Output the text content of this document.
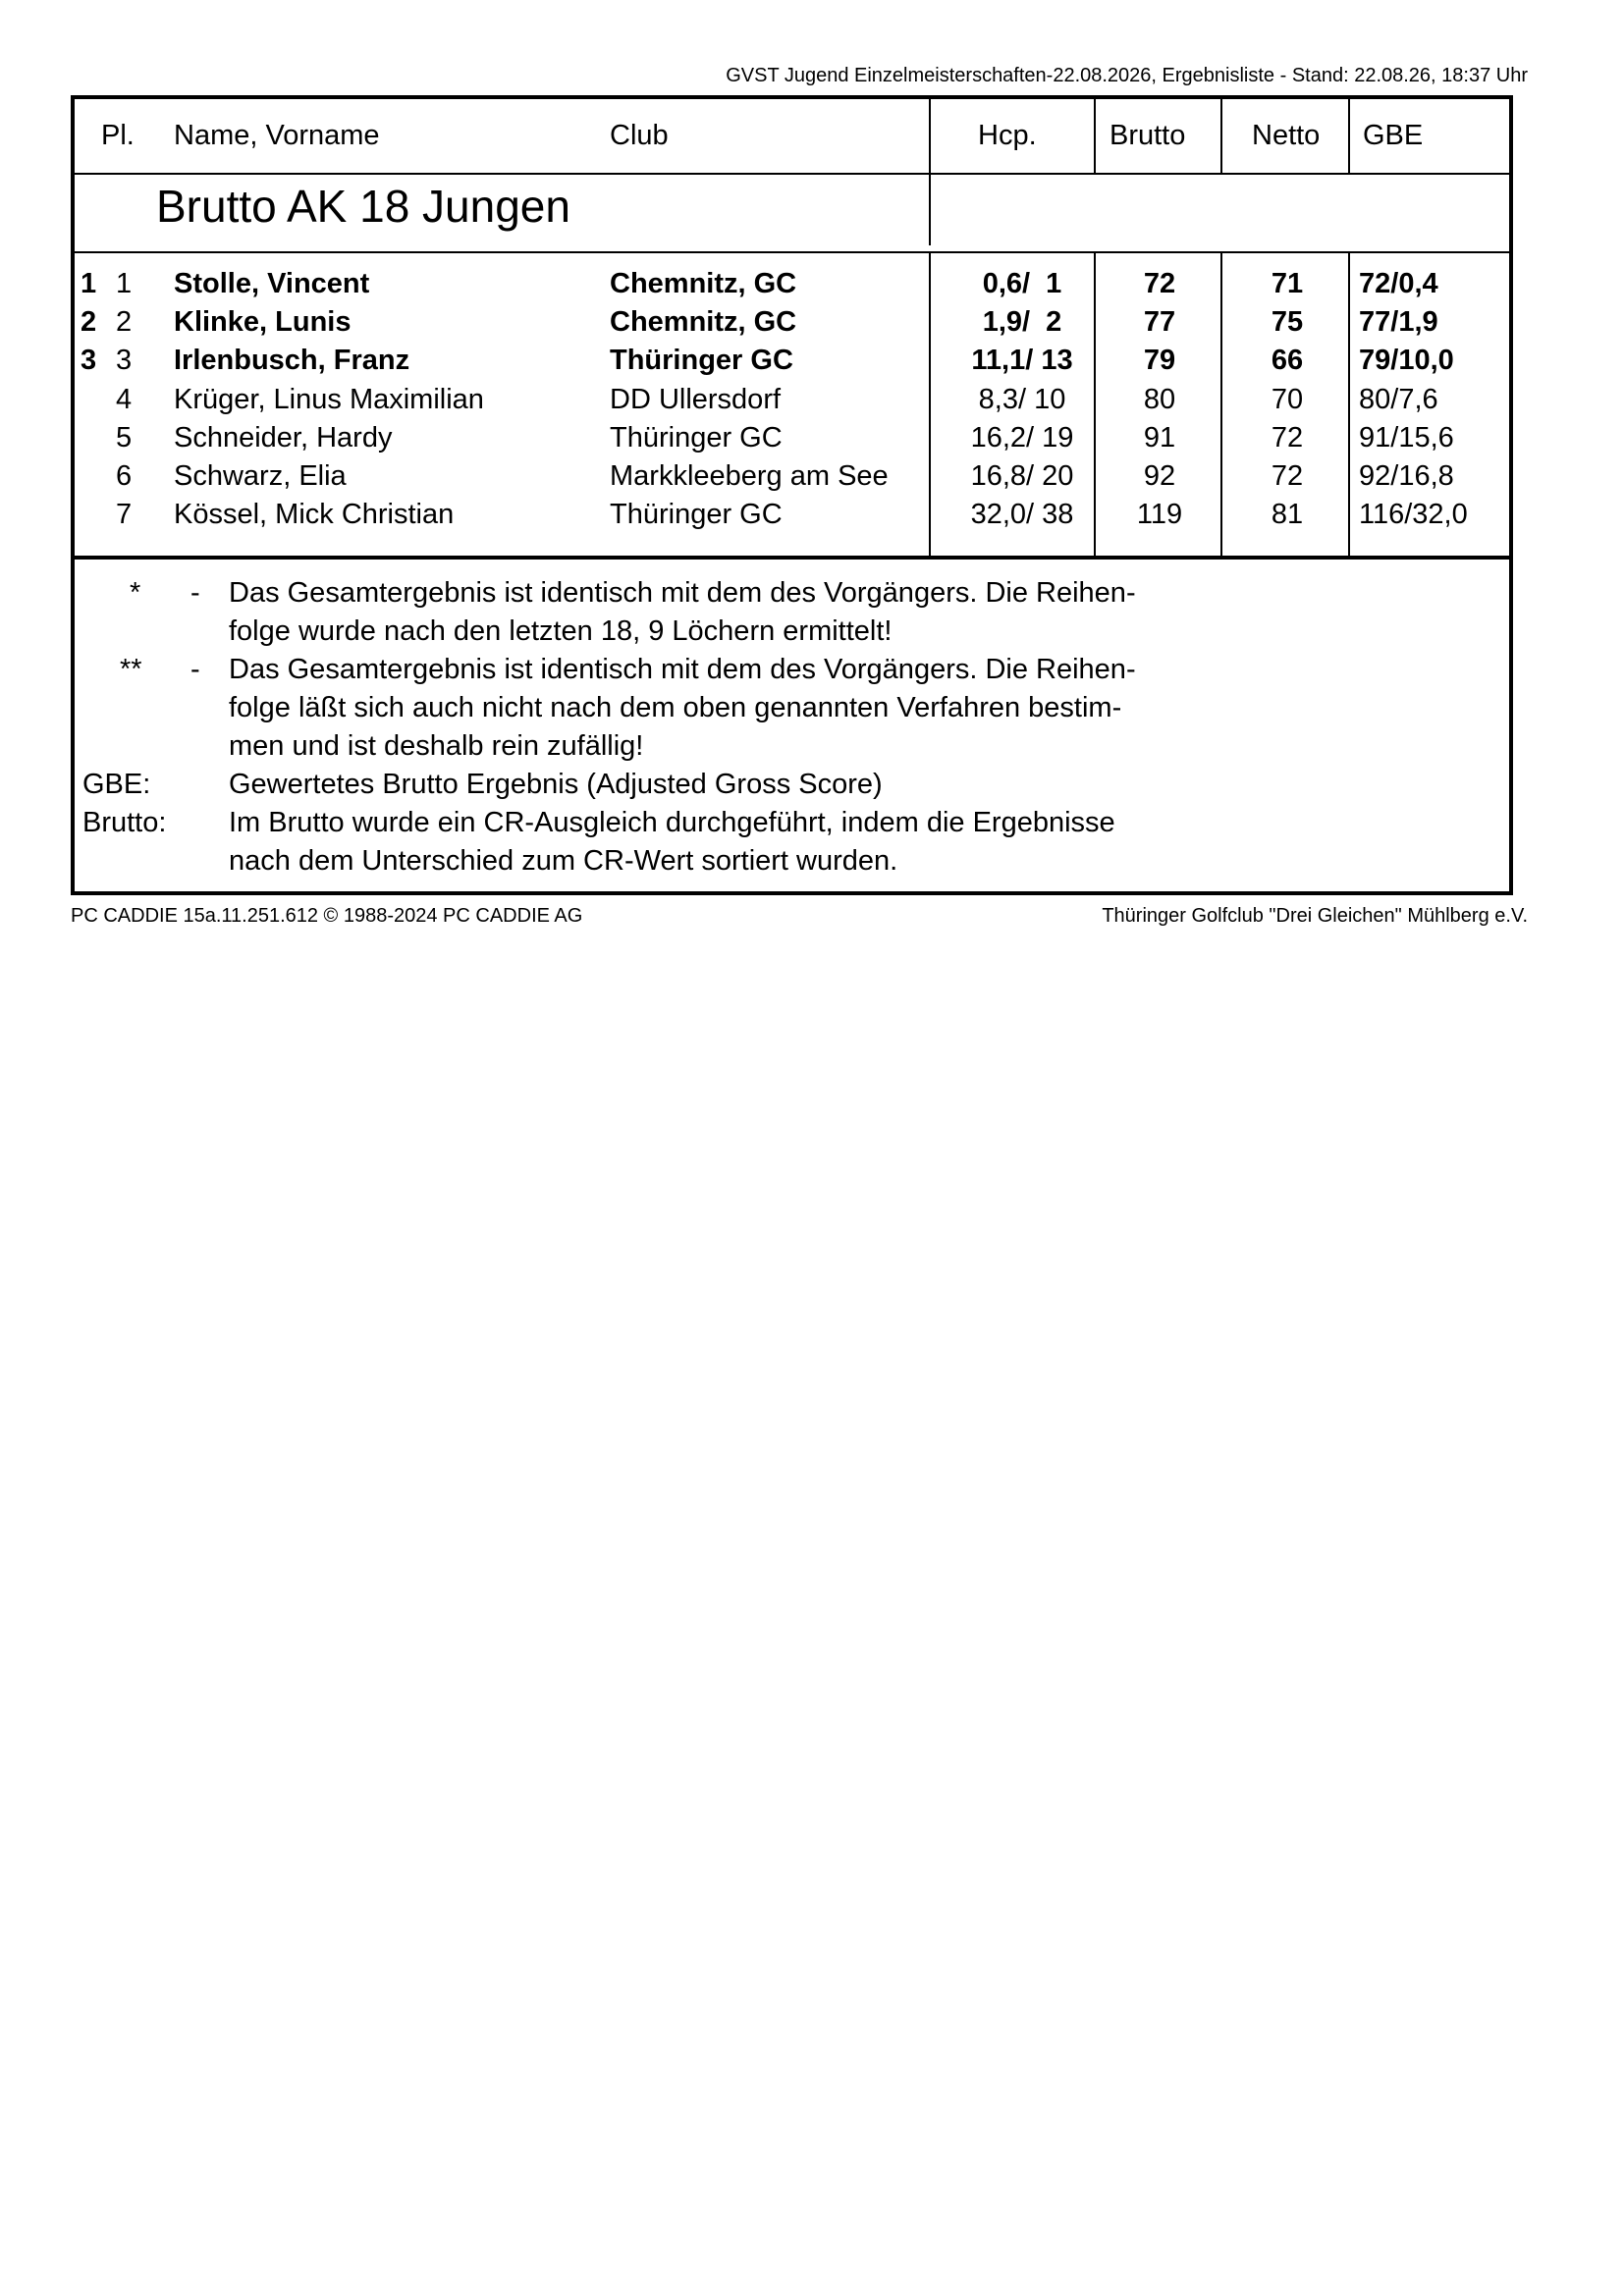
GVST Jugend Einzelmeisterschaften-22.08.2026, Ergebnisliste - Stand: 22.08.26, 18:37 Uhr
Pl. Name, Vorname	Club	Hcp.	Brutto Netto GBE
Brutto AK 18 Jungen
1 1 Stolle, Vincent	Chemnitz, GC	0,6/  1	72	71	72/0,4
2 2 Klinke, Lunis	Chemnitz, GC	1,9/  2	77	75	77/1,9
3 3 Irlenbusch, Franz	Thüringer GC	11,1/ 13	79	66	79/10,0
4 Krüger, Linus Maximilian	DD Ullersdorf	8,3/ 10	80	70	80/7,6
5 Schneider, Hardy	Thüringer GC	16,2/ 19	91	72	91/15,6
6 Schwarz, Elia	Markkleeberg am See	16,8/ 20	92	72	92/16,8
7 Kössel, Mick Christian	Thüringer GC	32,0/ 38	119	81	116/32,0
* - Das Gesamtergebnis ist identisch mit dem des Vorgängers. Die Reihen-
folge wurde nach den letzten 18, 9 Löchern ermittelt!
** - Das Gesamtergebnis ist identisch mit dem des Vorgängers. Die Reihen-
folge läßt sich auch nicht nach dem oben genannten Verfahren bestim-
men und ist deshalb rein zufällig!
GBE:	Gewertetes Brutto Ergebnis (Adjusted Gross Score)
Brutto: Im Brutto wurde ein CR-Ausgleich durchgeführt, indem die Ergebnisse
nach dem Unterschied zum CR-Wert sortiert wurden.
PC CADDIE 15a.11.251.612 © 1988-2024 PC CADDIE AG	Thüringer Golfclub "Drei Gleichen" Mühlberg e.V.
